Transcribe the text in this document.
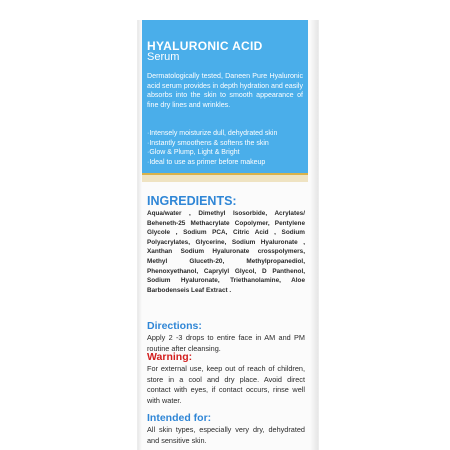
HYALURONIC ACID
Serum
Dermatologically tested, Daneen Pure Hyaluronic acid serum provides in depth hydration and easily absorbs into the skin to smooth appearance of fine dry lines and wrinkles.
·Intensely moisturize dull, dehydrated skin
·Instantly smoothens & softens the skin
·Glow & Plump, Light & Bright
·Ideal to use as primer before makeup
INGREDIENTS:
Aqua/water , Dimethyl Isosorbide, Acrylates/ Beheneth-25 Methacrylate Copolymer, Pentylene Glycole , Sodium PCA, Citric Acid , Sodium Polyacrylates, Glycerine, Sodium Hyaluronate , Xanthan Sodium Hyaluronate crosspolymers, Methyl Gluceth-20, Methylpropanediol, Phenoxyethanol, Caprylyl Glycol, D Panthenol, Sodium Hyaluronate, Triethanolamine, Aloe Barbodenseis Leaf Extract .
Directions:
Apply 2 -3 drops to entire face in AM and PM routine after cleansing.
Warning:
For external use, keep out of reach of children, store in a cool and dry place. Avoid direct contact with eyes, if contact occurs, rinse well with water.
Intended for:
All skin types, especially very dry, dehydrated and sensitive skin.
